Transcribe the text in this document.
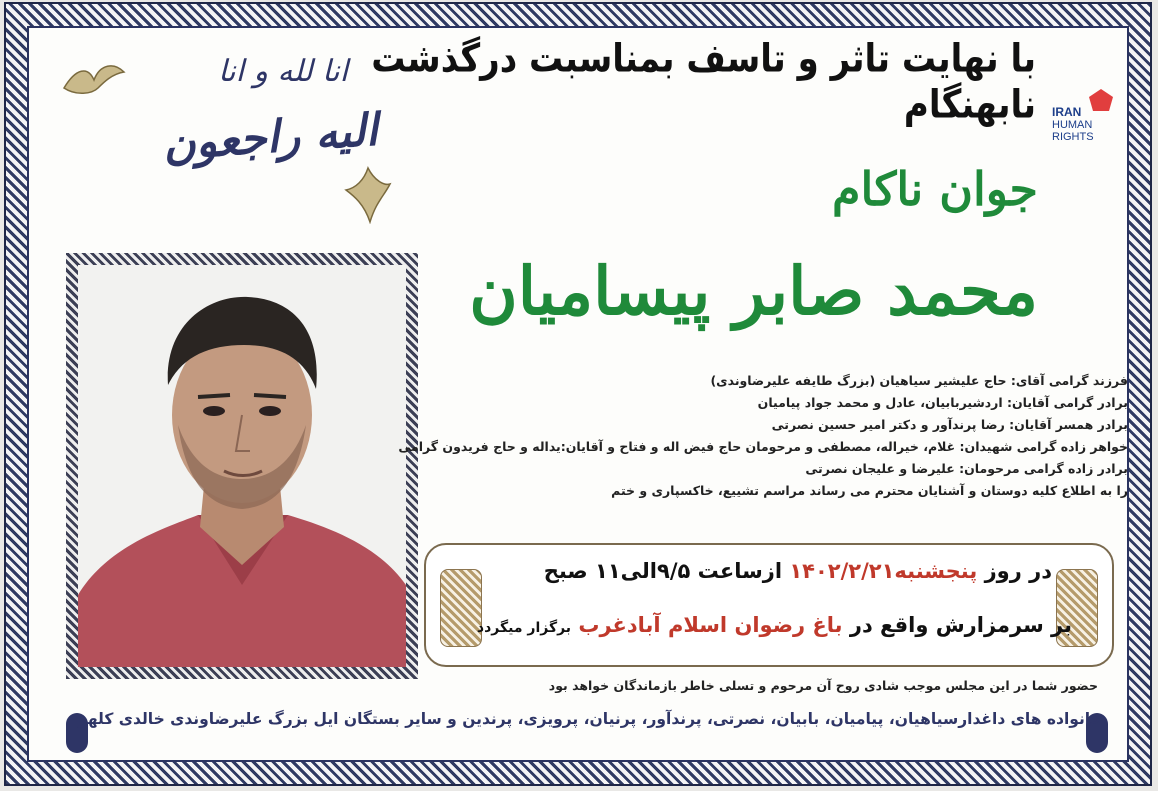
انا لله و انا
الیه راجعون
با نهایت تاثر و تاسف بمناسبت درگذشت نابهنگام IRAN
HUMAN
RIGHTS
جوان ناکام
محمد صابر پیسامیان
فرزند گرامی آقای: حاج علیشیر سیاهیان (بزرگ طایفه علیرضاوندی)
برادر گرامی آقایان: اردشیربابیان، عادل و محمد جواد پیامیان
برادر همسر آقایان: رضا پرندآور و دکتر امیر حسین نصرتی
خواهر زاده گرامی شهیدان: غلام، خیراله، مصطفی و مرحومان حاج فیض اله و فتاح و آقایان:یداله و حاج فریدون گرامی
برادر زاده گرامی مرحومان: علیرضا و علیجان نصرتی
را به اطلاع کلیه دوستان و آشنایان محترم می رساند مراسم تشییع، خاکسپاری و ختم
در روز پنجشنبه۱۴۰۲/۲/۲۱ ازساعت ۹/۵الی۱۱ صبح
بر سرمزارش واقع در باغ رضوان اسلام آبادغرب برگزار میگردد
حضور شما در این مجلس موجب شادی روح آن مرحوم و تسلی خاطر بازماندگان خواهد بود
خانواده های داغدارسیاهیان، پیامیان، بابیان، نصرتی، پرندآور، پرنیان، پرویزی، پرندین و سایر بستگان ایل بزرگ علیرضاوندی خالدی کلهر
